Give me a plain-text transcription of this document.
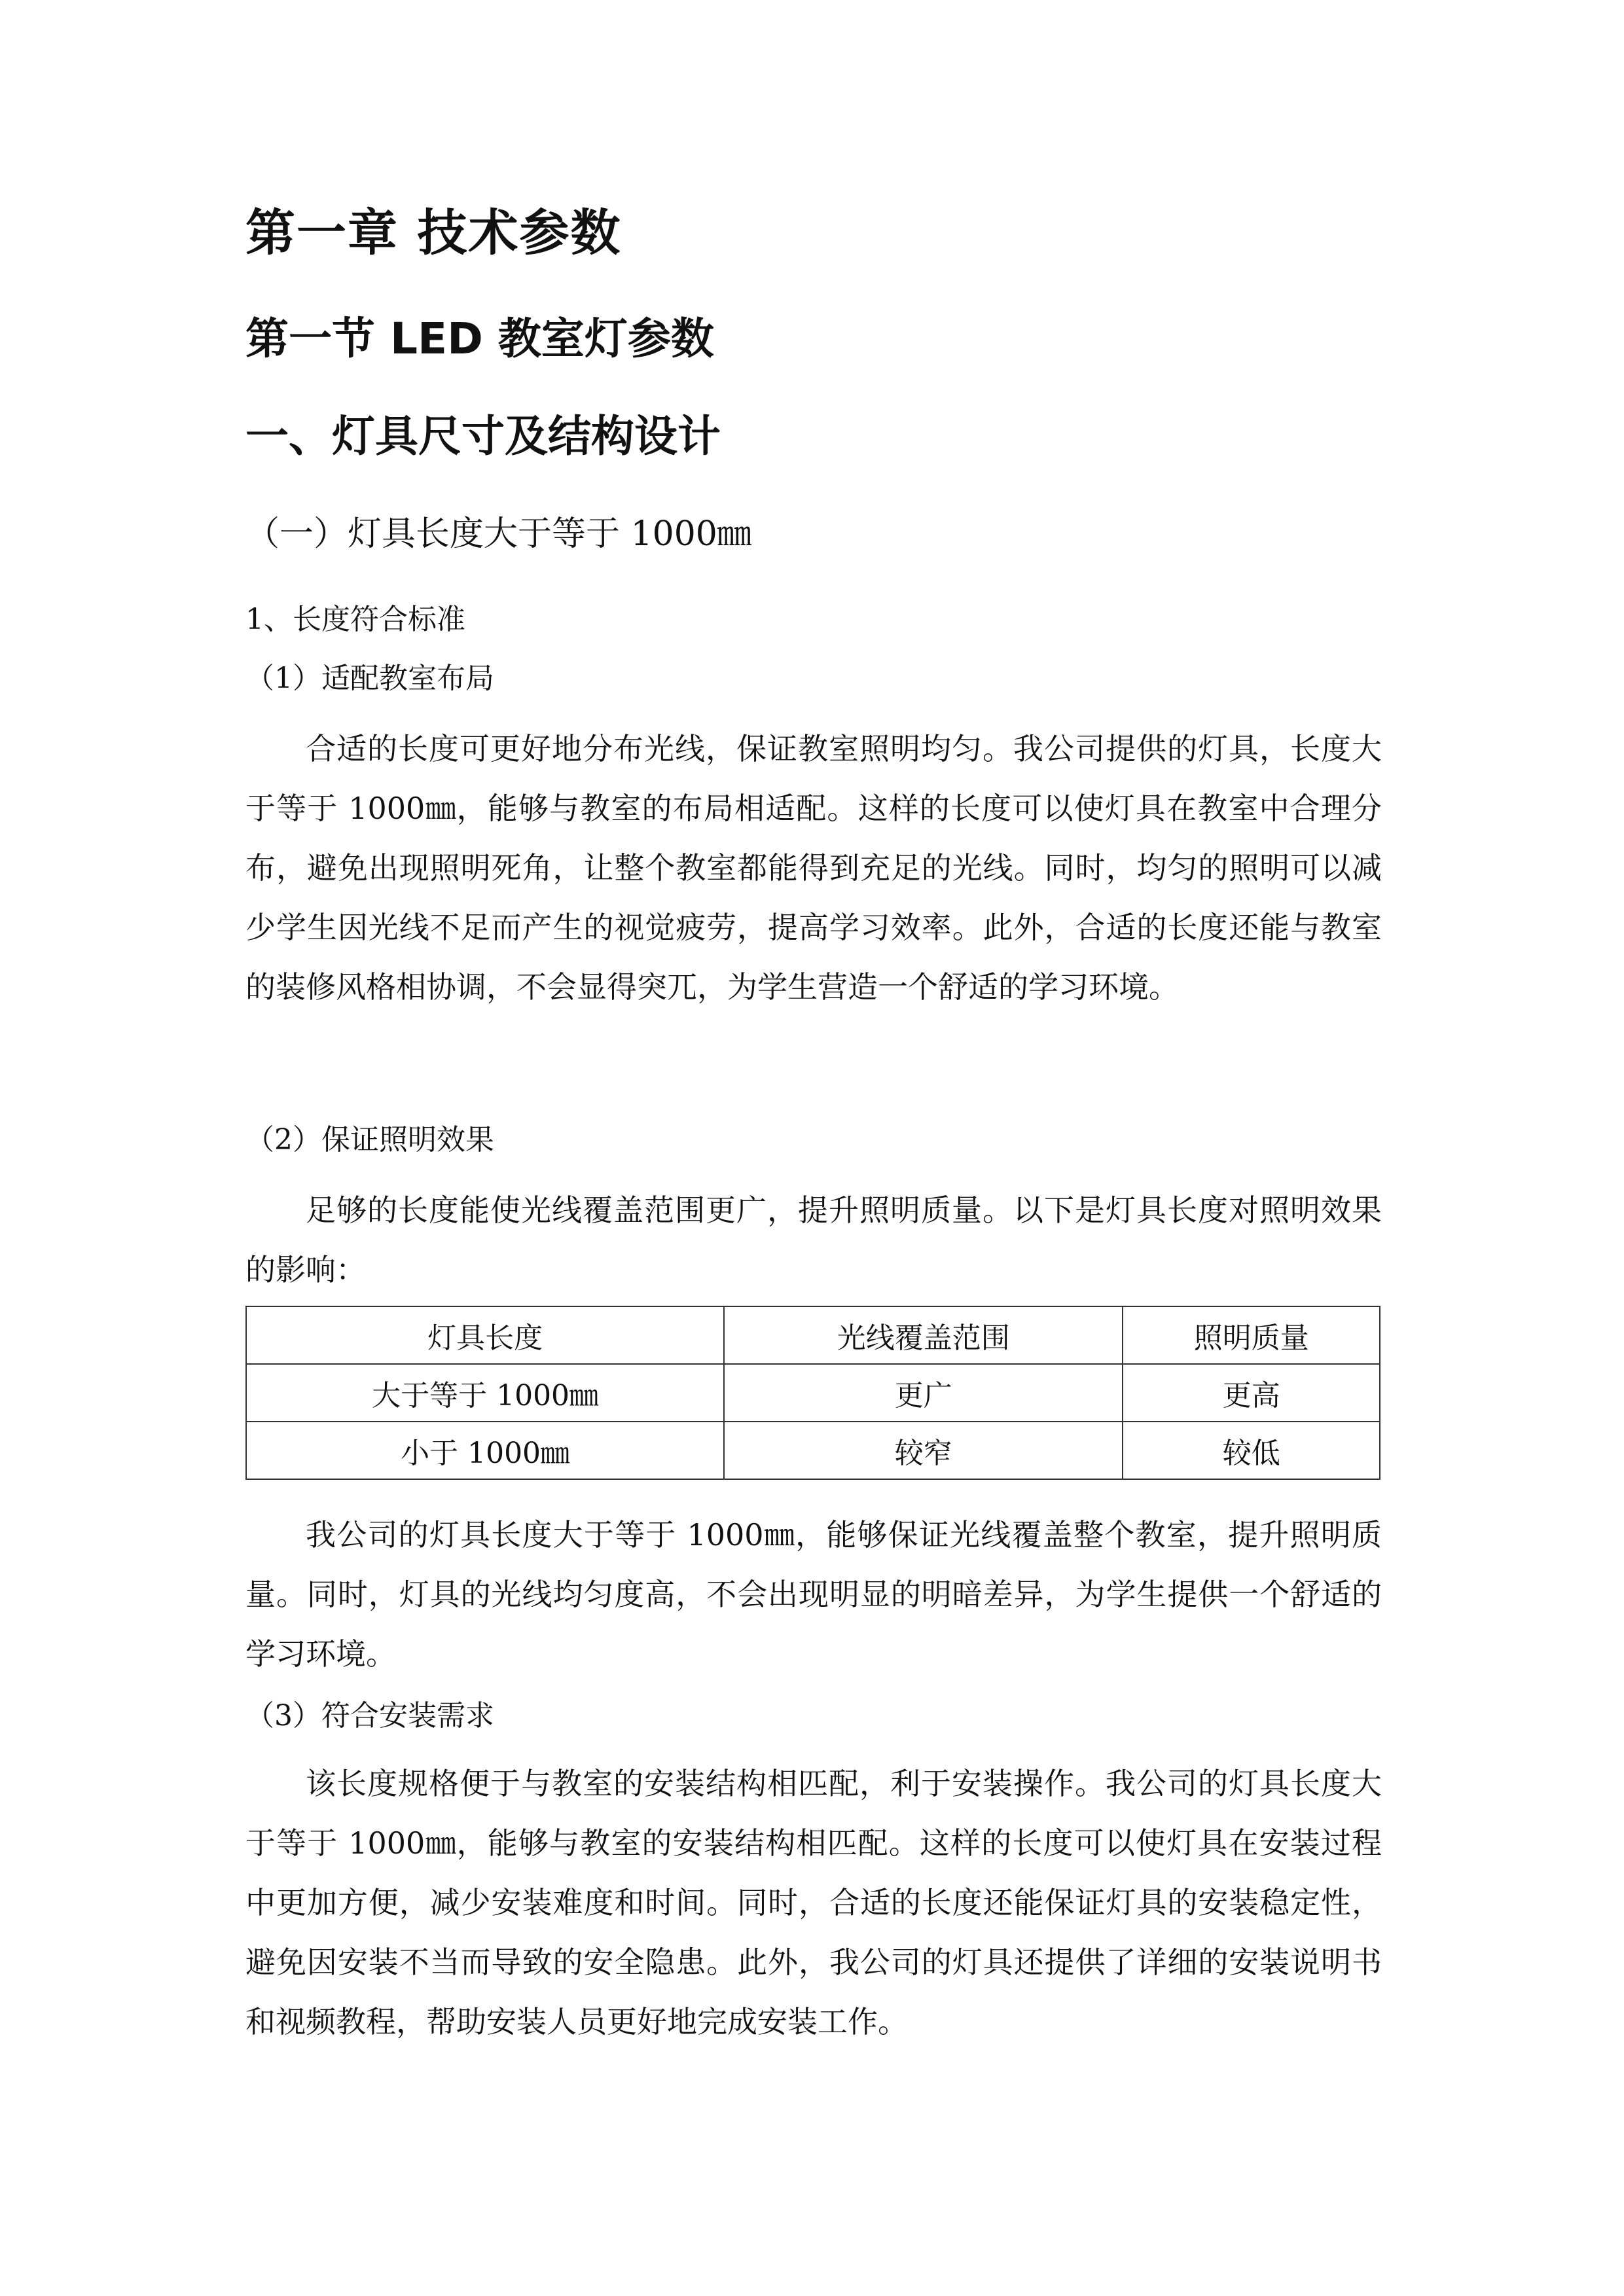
第一章 技术参数
第一节 LED 教室灯参数
一、灯具尺寸及结构设计
（一）灯具长度大于等于 1000㎜
1、长度符合标准
（1）适配教室布局

合适的长度可更好地分布光线，保证教室照明均匀。我公司提供的灯具，长度大于等于 1000㎜，能够与教室的布局相适配。这样的长度可以使灯具在教室中合理分布，避免出现照明死角，让整个教室都能得到充足的光线。同时，均匀的照明可以减少学生因光线不足而产生的视觉疲劳，提高学习效率。此外，合适的长度还能与教室的装修风格相协调，不会显得突兀，为学生营造一个舒适的学习环境。

（2）保证照明效果

足够的长度能使光线覆盖范围更广，提升照明质量。以下是灯具长度对照明效果的影响：

灯具长度	光线覆盖范围	照明质量
大于等于 1000㎜	更广	更高
小于 1000㎜	较窄	较低

我公司的灯具长度大于等于 1000㎜，能够保证光线覆盖整个教室，提升照明质量。同时，灯具的光线均匀度高，不会出现明显的明暗差异，为学生提供一个舒适的学习环境。

（3）符合安装需求

该长度规格便于与教室的安装结构相匹配，利于安装操作。我公司的灯具长度大于等于 1000㎜，能够与教室的安装结构相匹配。这样的长度可以使灯具在安装过程中更加方便，减少安装难度和时间。同时，合适的长度还能保证灯具的安装稳定性，避免因安装不当而导致的安全隐患。此外，我公司的灯具还提供了详细的安装说明书和视频教程，帮助安装人员更好地完成安装工作。
